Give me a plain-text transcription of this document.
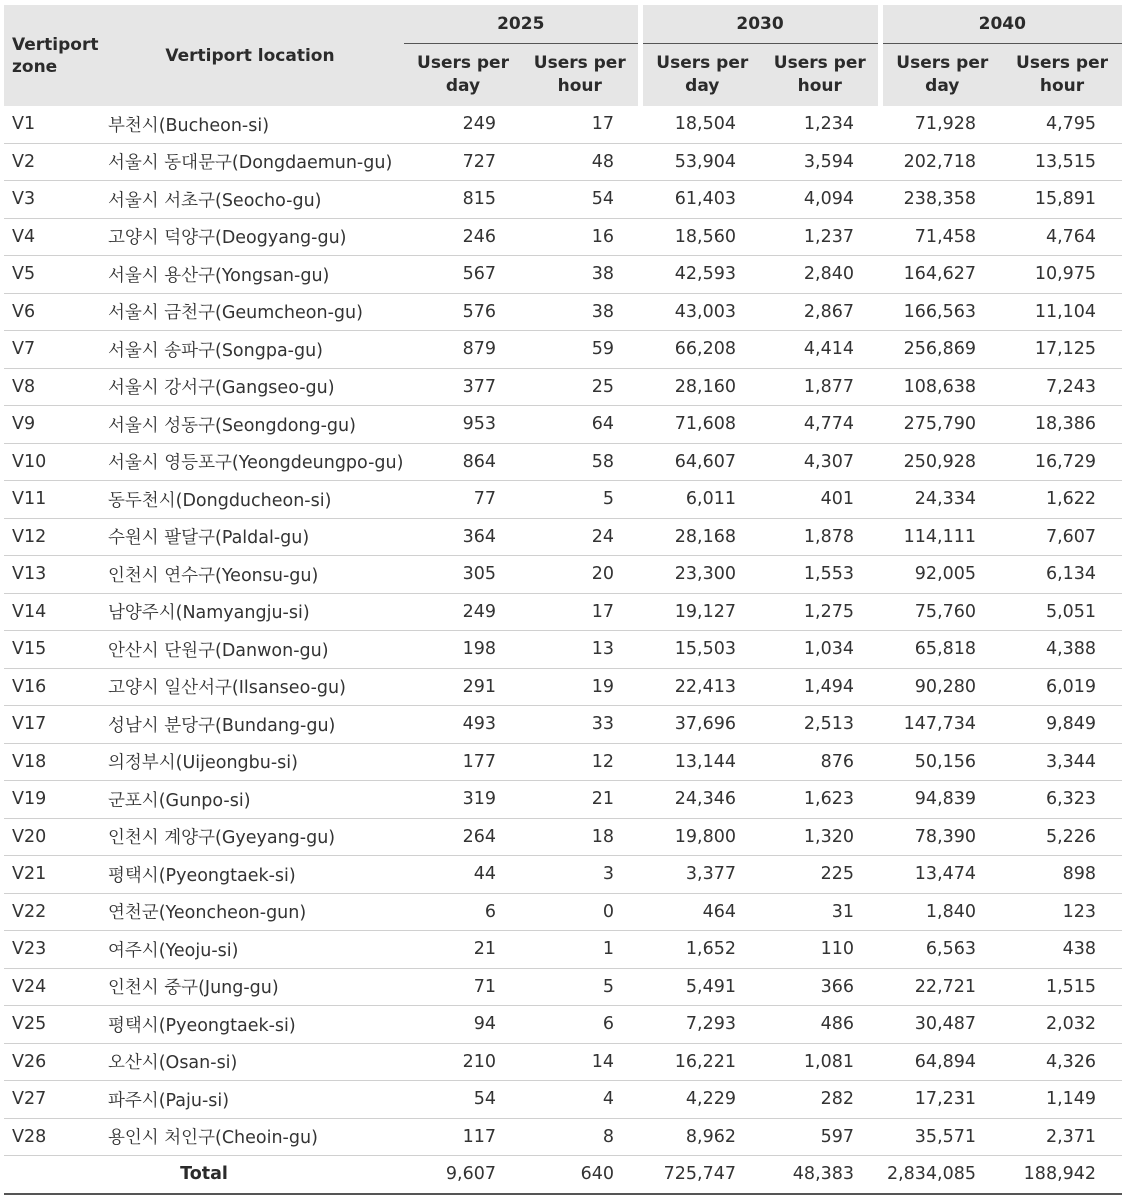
Vertiport zone	Vertiport location	2025		2030		2040	
		Users per day	Users per hour	Users per day	Users per hour	Users per day	Users per hour
V1	부천시(Bucheon-si)	249	17	18,504	1,234	71,928	4,795
V2	서울시 동대문구(Dongdaemun-gu)	727	48	53,904	3,594	202,718	13,515
V3	서울시 서초구(Seocho-gu)	815	54	61,403	4,094	238,358	15,891
V4	고양시 덕양구(Deogyang-gu)	246	16	18,560	1,237	71,458	4,764
V5	서울시 용산구(Yongsan-gu)	567	38	42,593	2,840	164,627	10,975
V6	서울시 금천구(Geumcheon-gu)	576	38	43,003	2,867	166,563	11,104
V7	서울시 송파구(Songpa-gu)	879	59	66,208	4,414	256,869	17,125
V8	서울시 강서구(Gangseo-gu)	377	25	28,160	1,877	108,638	7,243
V9	서울시 성동구(Seongdong-gu)	953	64	71,608	4,774	275,790	18,386
V10	서울시 영등포구(Yeongdeungpo-gu)	864	58	64,607	4,307	250,928	16,729
V11	동두천시(Dongducheon-si)	77	5	6,011	401	24,334	1,622
V12	수원시 팔달구(Paldal-gu)	364	24	28,168	1,878	114,111	7,607
V13	인천시 연수구(Yeonsu-gu)	305	20	23,300	1,553	92,005	6,134
V14	남양주시(Namyangju-si)	249	17	19,127	1,275	75,760	5,051
V15	안산시 단원구(Danwon-gu)	198	13	15,503	1,034	65,818	4,388
V16	고양시 일산서구(Ilsanseo-gu)	291	19	22,413	1,494	90,280	6,019
V17	성남시 분당구(Bundang-gu)	493	33	37,696	2,513	147,734	9,849
V18	의정부시(Uijeongbu-si)	177	12	13,144	876	50,156	3,344
V19	군포시(Gunpo-si)	319	21	24,346	1,623	94,839	6,323
V20	인천시 계양구(Gyeyang-gu)	264	18	19,800	1,320	78,390	5,226
V21	평택시(Pyeongtaek-si)	44	3	3,377	225	13,474	898
V22	연천군(Yeoncheon-gun)	6	0	464	31	1,840	123
V23	여주시(Yeoju-si)	21	1	1,652	110	6,563	438
V24	인천시 중구(Jung-gu)	71	5	5,491	366	22,721	1,515
V25	평택시(Pyeongtaek-si)	94	6	7,293	486	30,487	2,032
V26	오산시(Osan-si)	210	14	16,221	1,081	64,894	4,326
V27	파주시(Paju-si)	54	4	4,229	282	17,231	1,149
V28	용인시 처인구(Cheoin-gu)	117	8	8,962	597	35,571	2,371
Total		9,607	640	725,747	48,383	2,834,085	188,942
